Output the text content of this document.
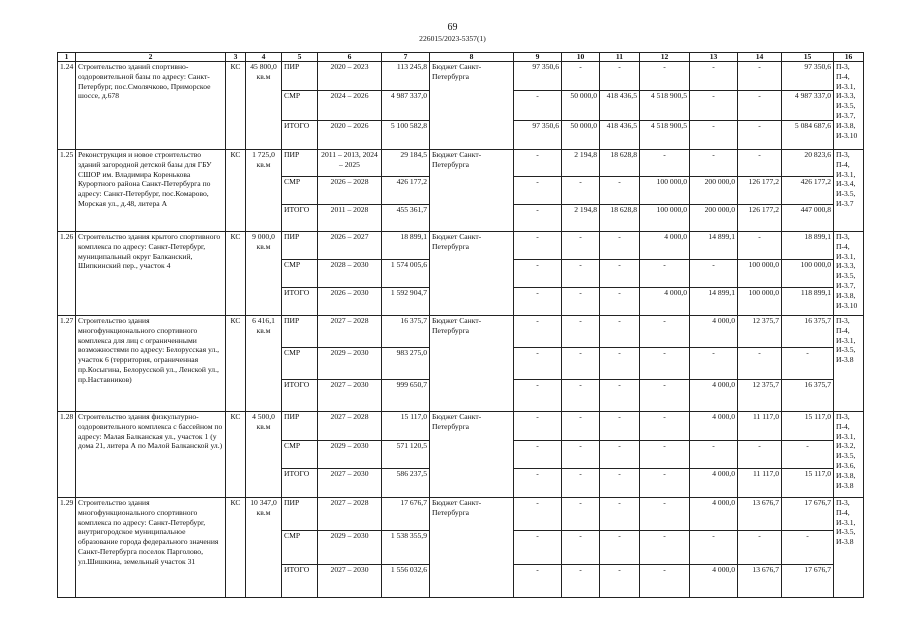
69
226015/2023-5357(1)
1	2	3	4	5	6	7	8	9	10	11	12	13	14	15	16
1.24	Строительство зданий спортивно-оздоровительной базы по адресу: Санкт-Петербург, пос.Смолячково, Приморское шоссе, д.678	КС	45 800,0 кв.м	ПИР	2020 – 2023	113 245,8	Бюджет Санкт-Петербурга	97 350,6	-	-	-	-	-	97 350,6	П-3, П-4, И-3.1, И-3.3, И-3.5, И-3.7, И-3.8, И-3.10
				СМР	2024 – 2026	4 987 337,0		-	50 000,0	418 436,5	4 518 900,5	-	-	4 987 337,0	
				ИТОГО	2020 – 2026	5 100 582,8		97 350,6	50 000,0	418 436,5	4 518 900,5	-	-	5 084 687,6	
1.25	Реконструкция и новое строительство зданий загородной детской базы для ГБУ СШОР им. Владимира Коренькова Курортного района Санкт-Петербурга по адресу: Санкт-Петербург, пос.Комарово, Морская ул., д.48, литера А	КС	1 725,0 кв.м	ПИР	2011 – 2013, 2024 – 2025	29 184,5	Бюджет Санкт-Петербурга	-	2 194,8	18 628,8	-	-	-	20 823,6	П-3, П-4, И-3.1, И-3.4, И-3.5, И-3.7
				СМР	2026 – 2028	426 177,2		-	-	-	100 000,0	200 000,0	126 177,2	426 177,2	
				ИТОГО	2011 – 2028	455 361,7		-	2 194,8	18 628,8	100 000,0	200 000,0	126 177,2	447 000,8	
1.26	Строительство здания крытого спортивного комплекса по адресу: Санкт-Петербург, муниципальный округ Балканский, Шипкинский пер., участок 4	КС	9 000,0 кв.м	ПИР	2026 – 2027	18 899,1	Бюджет Санкт-Петербурга	-	-	-	4 000,0	14 899,1	-	18 899,1	П-3, П-4, И-3.1, И-3.3, И-3.5, И-3.7, И-3.8, И-3.10
				СМР	2028 – 2030	1 574 005,6		-	-	-	-	-	100 000,0	100 000,0	
				ИТОГО	2026 – 2030	1 592 904,7		-	-	-	4 000,0	14 899,1	100 000,0	118 899,1	
1.27	Строительство здания многофункционального спортивного комплекса для лиц с ограниченными возможностями по адресу: Белорусская ул., участок 6 (территория, ограниченная пр.Косыгина, Белорусской ул., Ленской ул., пр.Наставников)	КС	6 416,1 кв.м	ПИР	2027 – 2028	16 375,7	Бюджет Санкт-Петербурга	-	-	-	-	4 000,0	12 375,7	16 375,7	П-3, П-4, И-3.1, И-3.5, И-3.8
				СМР	2029 – 2030	983 275,0		-	-	-	-	-	-	-	
				ИТОГО	2027 – 2030	999 650,7		-	-	-	-	4 000,0	12 375,7	16 375,7	
1.28	Строительство здания физкультурно-оздоровительного комплекса с бассейном по адресу: Малая Балканская ул., участок 1 (у дома 21, литера А по Малой Балканской ул.)	КС	4 500,0 кв.м	ПИР	2027 – 2028	15 117,0	Бюджет Санкт-Петербурга	-	-	-	-	4 000,0	11 117,0	15 117,0	П-3, П-4, И-3.1, И-3.2, И-3.5, И-3.6, И-3.8, И-3.8
				СМР	2029 – 2030	571 120,5		-	-	-	-	-	-	-	
				ИТОГО	2027 – 2030	586 237,5		-	-	-	-	4 000,0	11 117,0	15 117,0	
1.29	Строительство здания многофункционального спортивного комплекса по адресу: Санкт-Петербург, внутригородское муниципальное образование города федерального значения Санкт-Петербурга поселок Парголово, ул.Шишкина, земельный участок 31	КС	10 347,0 кв.м	ПИР	2027 – 2028	17 676,7	Бюджет Санкт-Петербурга	-	-	-	-	4 000,0	13 676,7	17 676,7	П-3, П-4, И-3.1, И-3.5, И-3.8
				СМР	2029 – 2030	1 538 355,9		-	-	-	-	-	-	-	
				ИТОГО	2027 – 2030	1 556 032,6		-	-	-	-	4 000,0	13 676,7	17 676,7	
